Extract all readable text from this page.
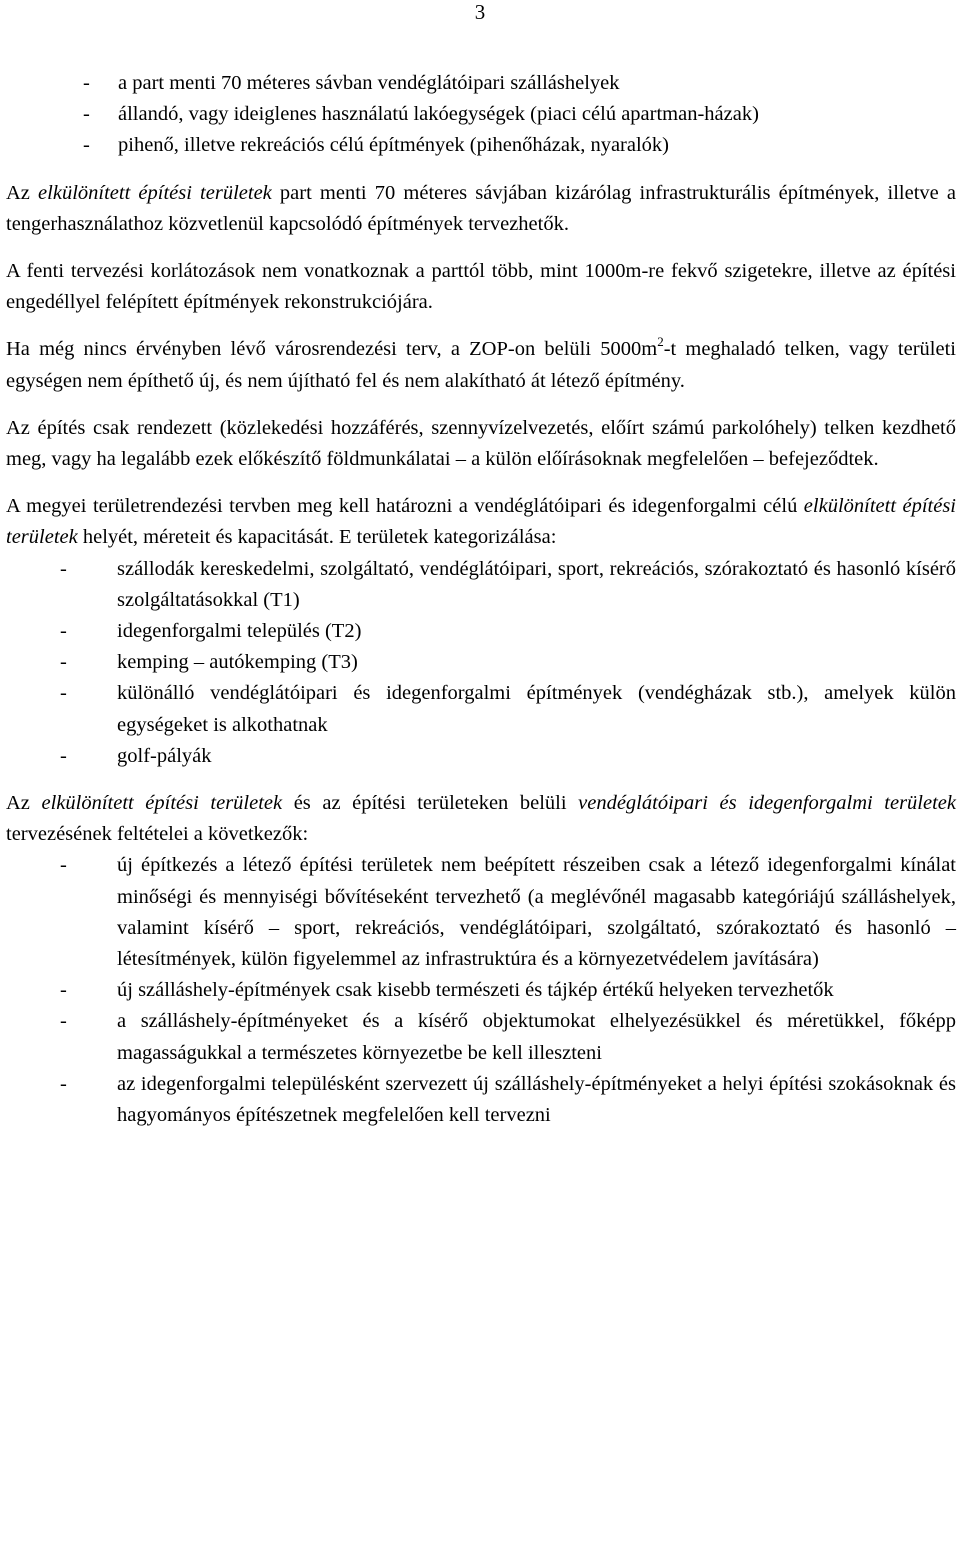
3
- a part menti 70 méteres sávban vendéglátóipari szálláshelyek
- állandó, vagy ideiglenes használatú lakóegységek (piaci célú apartman-házak)
- pihenő, illetve rekreációs célú építmények (pihenőházak, nyaralók)

Az elkülönített építési területek part menti 70 méteres sávjában kizárólag infrastrukturális építmények, illetve a tengerhasználathoz közvetlenül kapcsolódó építmények tervezhetők.

A fenti tervezési korlátozások nem vonatkoznak a parttól több, mint 1000m-re fekvő szigetekre, illetve az építési engedéllyel felépített építmények rekonstrukciójára.

Ha még nincs érvényben lévő városrendezési terv, a ZOP-on belüli $5000m^2-t$ meghaladó telken, vagy területi egységen nem építhető új, és nem újítható fel és nem alakítható át létező építmény.

Az építés csak rendezett (közlekedési hozzáférés, szennyvízelvezetés, előírt számú parkolóhely) telken kezdhető meg, vagy ha legalább ezek előkészítő földmunkálatai – a külön előírásoknak megfelelően – befejeződtek.

A megyei területrendezési tervben meg kell határozni a vendéglátóipari és idegenforgalmi célú elkülönített építési területek helyét, méreteit és kapacitását. E területek kategorizálása:

- szállodák kereskedelmi, szolgáltató, vendéglátóipari, sport, rekreációs, szórakoztató és hasonló kísérő szolgáltatásokkal (T1)
- idegenforgalmi település (T2)
- kemping – autókemping (T3)
- különálló vendéglátóipari és idegenforgalmi építmények (vendégházak stb.), amelyek külön egységeket is alkothatnak
- golf-pályák

Az elkülönített építési területek és az építési területeken belüli vendéglátóipari és idegenforgalmi területek tervezésének feltételei a következők:

- új építkezés a létező építési területek nem beépített részeiben csak a létező idegenforgalmi kínálat minőségi és mennyiségi bővítéseként tervezhető (a meglévőnél magasabb kategóriájú szálláshelyek, valamint kísérő – sport, rekreációs, vendéglátóipari, szolgáltató, szórakoztató és hasonló – létesítmények, külön figyelemmel az infrastruktúra és a környezetvédelem javítására)
- új szálláshely-építmények csak kisebb természeti és tájkép értékű helyeken tervezhetők
- a szálláshely-építményeket és a kísérő objektumokat elhelyezésükkel és méretükkel, főképp magasságukkal a természetes környezetbe be kell illeszteni
- az idegenforgalmi településként szervezett új szálláshely-építményeket a helyi építési szokásoknak és hagyományos építészetnek megfelelően kell tervezni
